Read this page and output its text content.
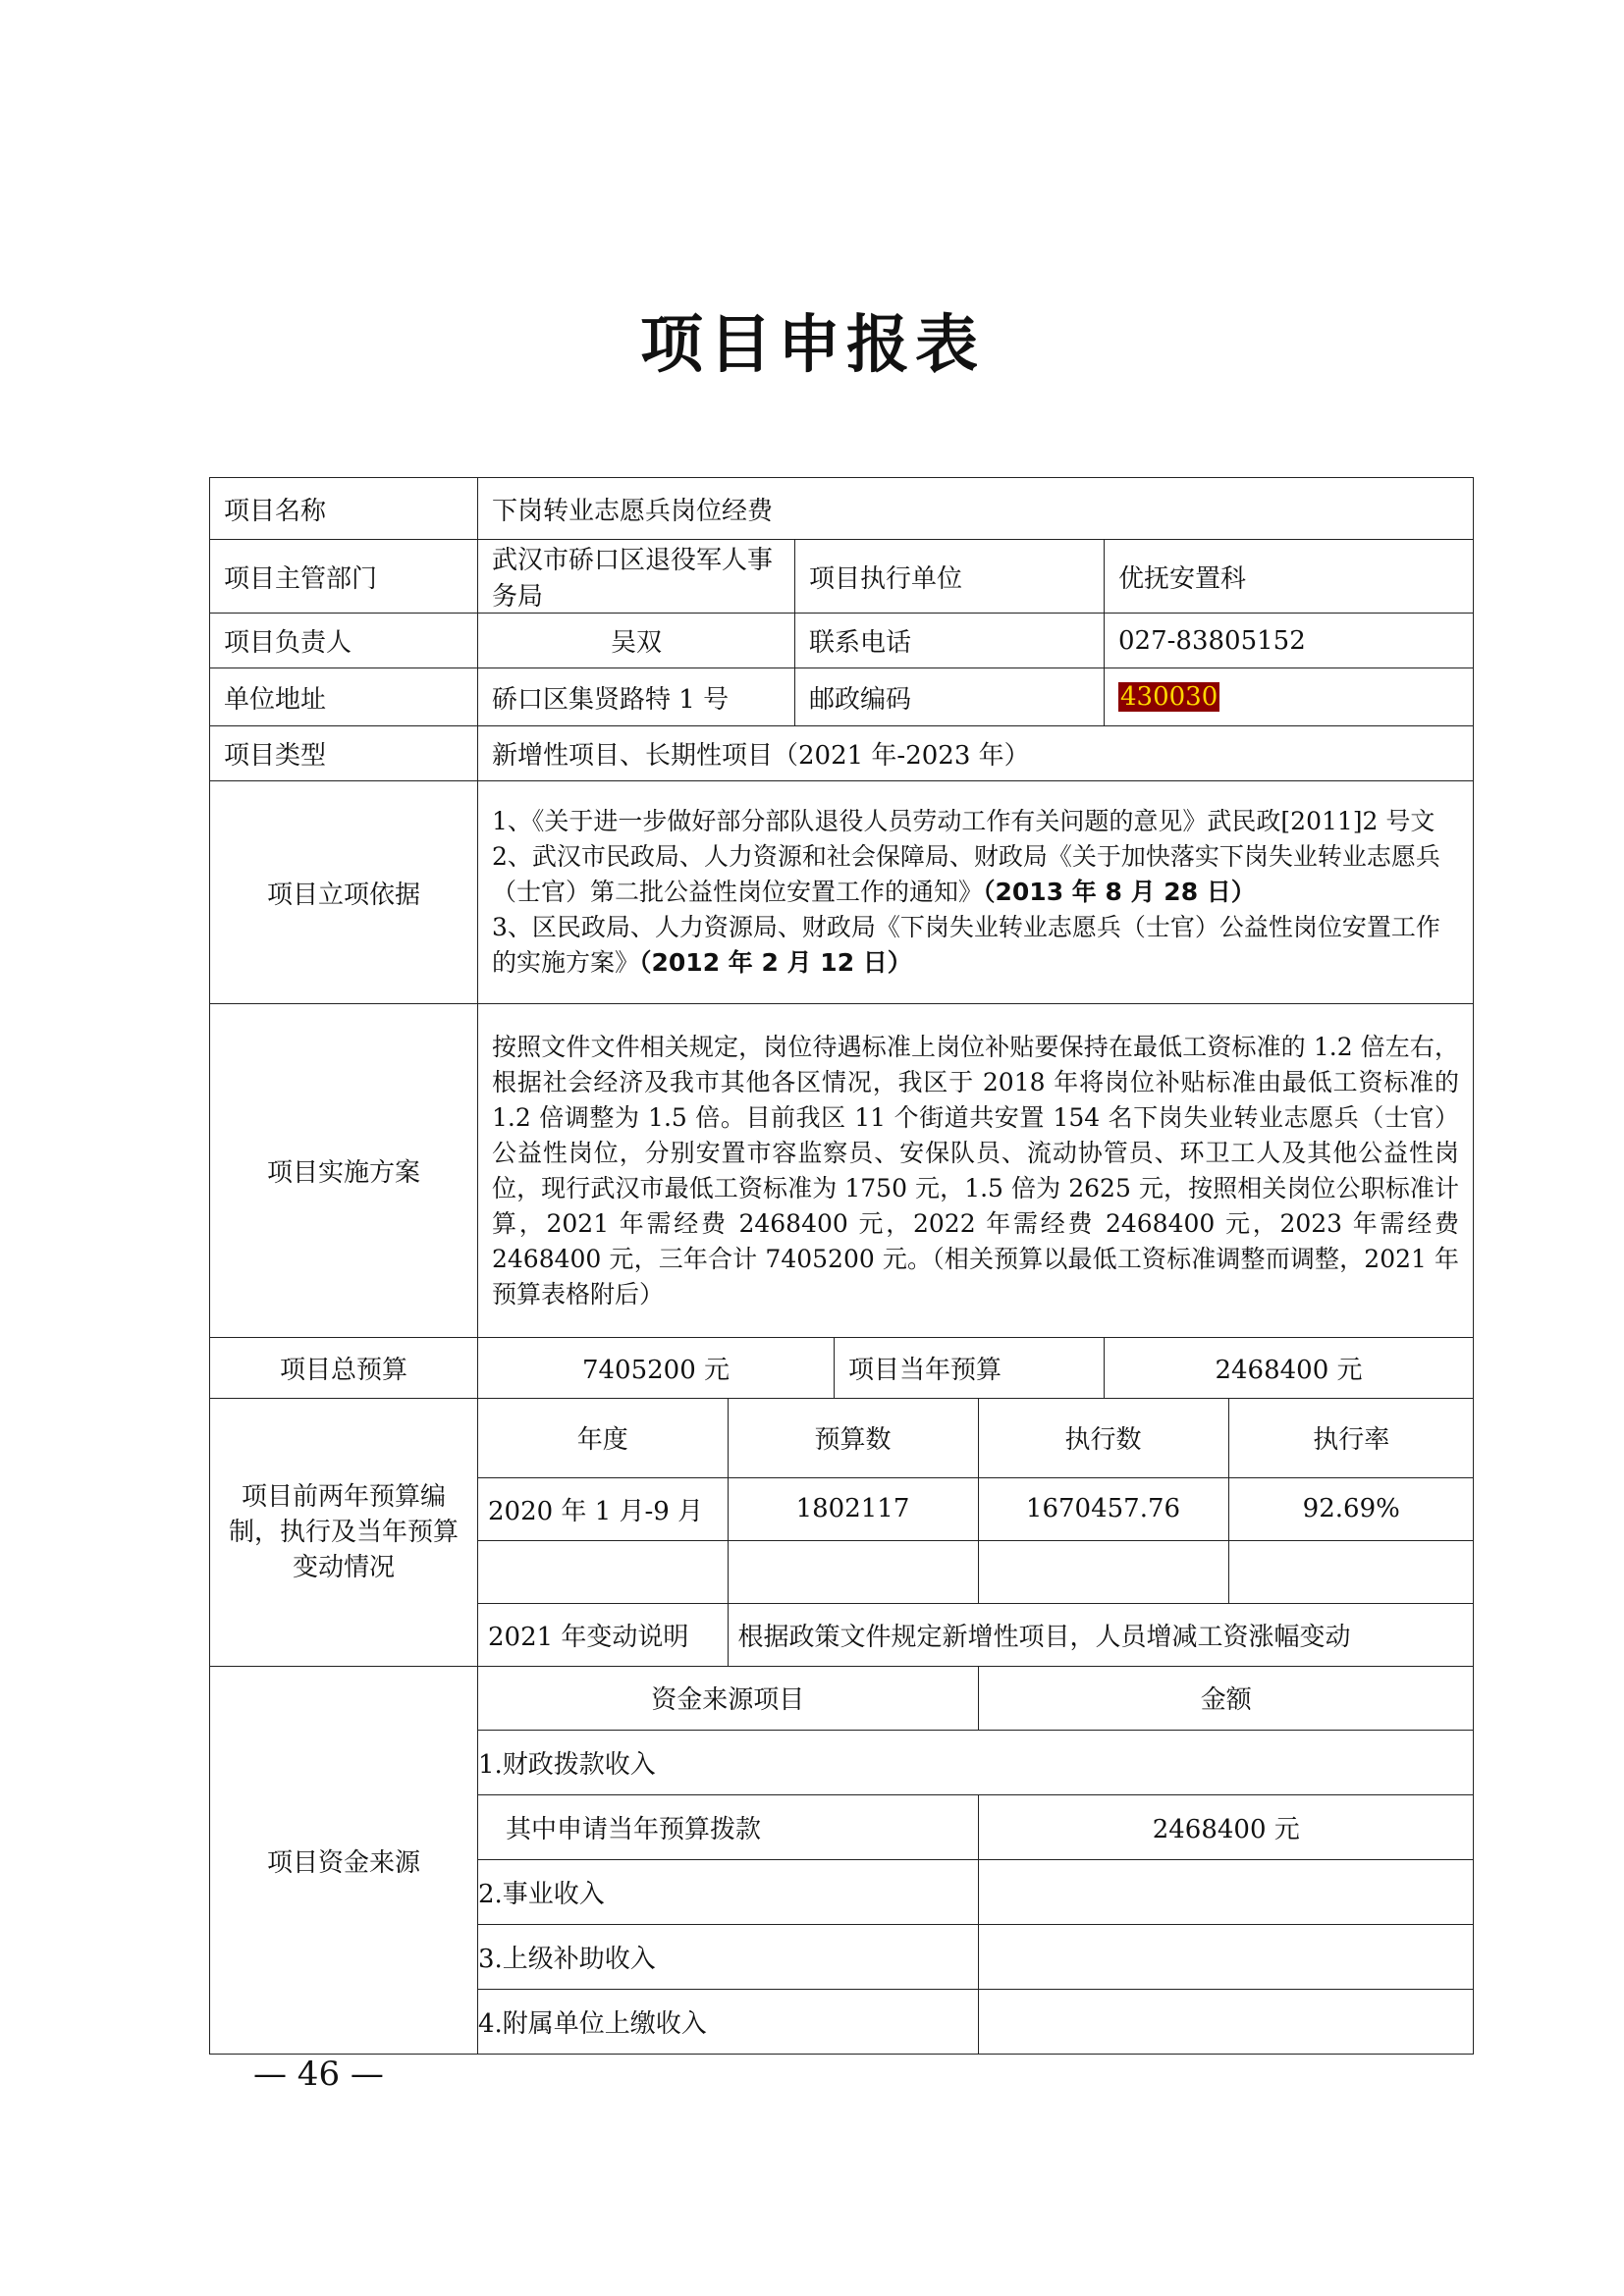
项目申报表
项目名称	下岗转业志愿兵岗位经费
项目主管部门	武汉市硚口区退役军人事务局	项目执行单位	优抚安置科
项目负责人	吴双	联系电话	027-83805152
单位地址	硚口区集贤路特 1 号	邮政编码	430030
项目类型	新增性项目、长期性项目（2021 年-2023 年）
项目立项依据	
1、《关于进一步做好部分部队退役人员劳动工作有关问题的意见》武民政[2011]2 号文
2、武汉市民政局、人力资源和社会保障局、财政局《关于加快落实下岗失业转业志愿兵（士官）第二批公益性岗位安置工作的通知》（2013 年 8 月 28 日）
3、区民政局、人力资源局、财政局《下岗失业转业志愿兵（士官）公益性岗位安置工作的实施方案》（2012 年 2 月 12 日）

项目实施方案	
按照文件文件相关规定，岗位待遇标准上岗位补贴要保持在最低工资标准的 1.2 倍左右，根据社会经济及我市其他各区情况，我区于 2018 年将岗位补贴标准由最低工资标准的 1.2 倍调整为 1.5 倍。目前我区 11 个街道共安置 154 名下岗失业转业志愿兵（士官）公益性岗位，分别安置市容监察员、安保队员、流动协管员、环卫工人及其他公益性岗位，现行武汉市最低工资标准为 1750 元，1.5 倍为 2625 元，按照相关岗位公职标准计算，2021 年需经费 2468400 元，2022 年需经费 2468400 元，2023 年需经费 2468400 元，三年合计 7405200 元。（相关预算以最低工资标准调整而调整，2021 年预算表格附后）

项目总预算	7405200 元	项目当年预算	2468400 元
项目前两年预算编制，执行及当年预算变动情况	
年度	预算数	执行数	执行率
2020 年 1 月-9 月	1802117	1670457.76	92.69%

2021 年变动说明	根据政策文件规定新增性项目，人员增减工资涨幅变动

项目资金来源	
资金来源项目	金额
1.财政拨款收入
其中申请当年预算拨款	2468400 元
2.事业收入	
3.上级补助收入	
4.附属单位上缴收入	
— 46 —
